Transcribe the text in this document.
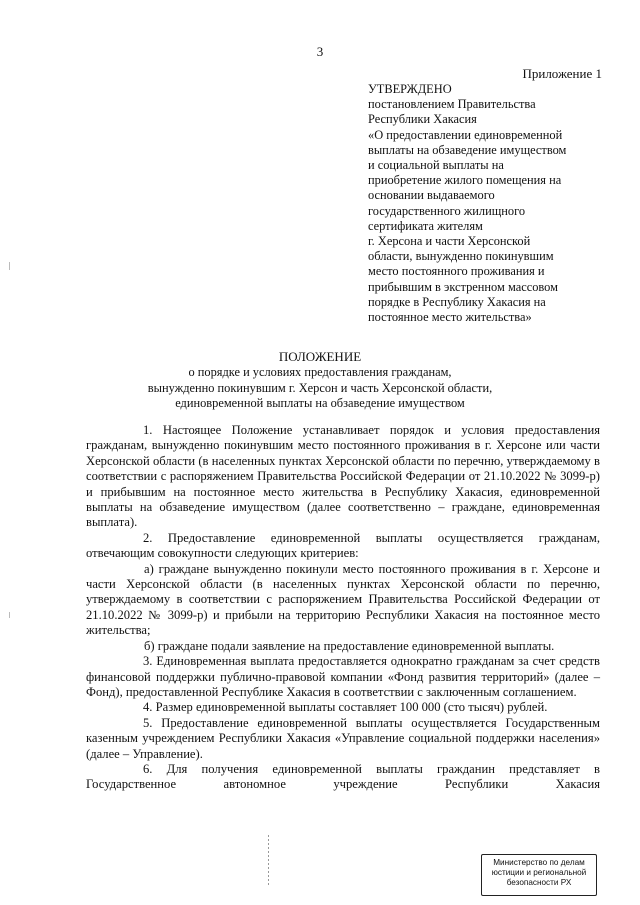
3
Приложение 1
УТВЕРЖДЕНО
постановлением Правительства
Республики Хакасия
«О предоставлении единовременной
выплаты на обзаведение имуществом
и социальной выплаты на
приобретение жилого помещения на
основании выдаваемого
государственного жилищного
сертификата жителям
г. Херсона и части Херсонской
области, вынужденно покинувшим
место постоянного проживания и
прибывшим в экстренном массовом
порядке в Республику Хакасия на
постоянное место жительства»
ПОЛОЖЕНИЕ
о порядке и условиях предоставления гражданам,
вынужденно покинувшим г. Херсон и часть Херсонской области,
единовременной выплаты на обзаведение имуществом

1. Настоящее Положение устанавливает порядок и условия предоставления гражданам, вынужденно покинувшим место постоянного проживания в г. Херсоне или части Херсонской области (в населенных пунктах Херсонской области по перечню, утверждаемому в соответствии с распоряжением Правительства Российской Федерации от 21.10.2022 № 3099-р) и прибывшим на постоянное место жительства в Республику Хакасия, единовременной выплаты на обзаведение имуществом (далее соответственно – граждане, единовременная выплата).

2. Предоставление единовременной выплаты осуществляется гражданам, отвечающим совокупности следующих критериев:

а) граждане вынужденно покинули место постоянного проживания в г. Херсоне и части Херсонской области (в населенных пунктах Херсонской области по перечню, утверждаемому в соответствии с распоряжением Правительства Российской Федерации от 21.10.2022 № 3099-р) и прибыли на территорию Республики Хакасия на постоянное место жительства;

б) граждане подали заявление на предоставление единовременной выплаты.

3. Единовременная выплата предоставляется однократно гражданам за счет средств финансовой поддержки публично-правовой компании «Фонд развития территорий» (далее – Фонд), предоставленной Республике Хакасия в соответствии с заключенным соглашением.

4. Размер единовременной выплаты составляет 100 000 (сто тысяч) рублей.

5. Предоставление единовременной выплаты осуществляется Государственным казенным учреждением Республики Хакасия «Управление социальной поддержки населения» (далее – Управление).

6. Для получения единовременной выплаты гражданин представляет в Государственное автономное учреждение Республики Хакасия

Министерство по делам
юстиции и региональной
безопасности РХ
